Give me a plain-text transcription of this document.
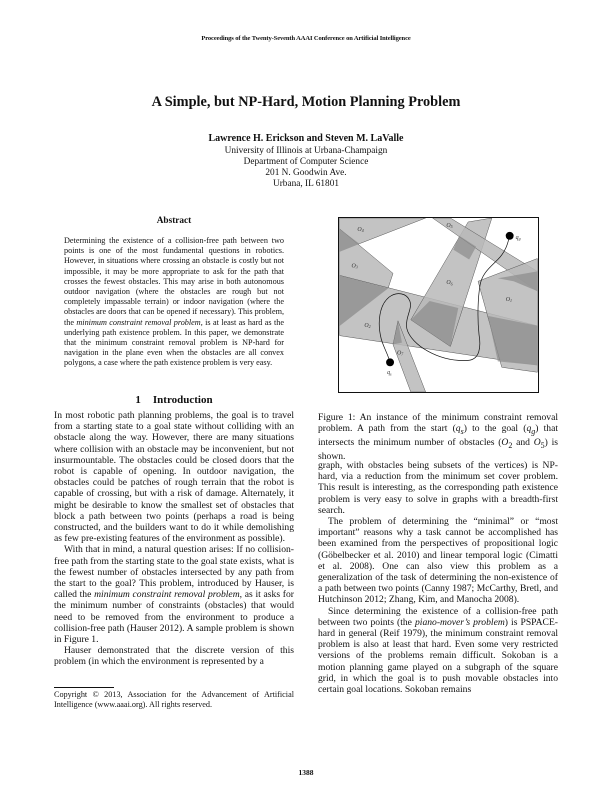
Proceedings of the Twenty-Seventh AAAI Conference on Artificial Intelligence
A Simple, but NP-Hard, Motion Planning Problem
Lawrence H. Erickson and Steven M. LaValle
University of Illinois at Urbana-Champaign
Department of Computer Science
201 N. Goodwin Ave.
Urbana, IL 61801
Abstract
Determining the existence of a collision-free path between two points is one of the most fundamental questions in robotics. However, in situations where crossing an obstacle is costly but not impossible, it may be more appropriate to ask for the path that crosses the fewest obstacles. This may arise in both autonomous outdoor navigation (where the obstacles are rough but not completely impassable terrain) or indoor navigation (where the obstacles are doors that can be opened if necessary). This problem, the minimum constraint removal problem, is at least as hard as the underlying path existence problem. In this paper, we demonstrate that the minimum constraint removal problem is NP-hard for navigation in the plane even when the obstacles are all convex polygons, a case where the path existence problem is very easy.
1 Introduction

In most robotic path planning problems, the goal is to travel from a starting state to a goal state without colliding with an obstacle along the way. However, there are many situations where collision with an obstacle may be inconvenient, but not insurmountable. The obstacles could be closed doors that the robot is capable of opening. In outdoor navigation, the obstacles could be patches of rough terrain that the robot is capable of crossing, but with a risk of damage. Alternately, it might be desirable to know the smallest set of obstacles that block a path between two points (perhaps a road is being constructed, and the builders want to do it while demolishing as few pre-existing features of the environment as possible).

With that in mind, a natural question arises: If no collision-free path from the starting state to the goal state exists, what is the fewest number of obstacles intersected by any path from the start to the goal? This problem, introduced by Hauser, is called the minimum constraint removal problem, as it asks for the minimum number of constraints (obstacles) that would need to be removed from the environment to produce a collision-free path (Hauser 2012). A sample problem is shown in Figure 1.

Hauser demonstrated that the discrete version of this problem (in which the environment is represented by a

Copyright © 2013, Association for the Advancement of Artificial Intelligence (www.aaai.org). All rights reserved.
O4
O5
O3
O6
O1
O2
O7
qs
qg
Figure 1: An instance of the minimum constraint removal problem. A path from the start $(q_s)$ to the goal $(q_g)$ that intersects the minimum number of obstacles ($O_2$ and $O_5$) is shown.

graph, with obstacles being subsets of the vertices) is NP-hard, via a reduction from the minimum set cover problem. This result is interesting, as the corresponding path existence problem is very easy to solve in graphs with a breadth-first search.

The problem of determining the “minimal” or “most important” reasons why a task cannot be accomplished has been examined from the perspectives of propositional logic (Göbelbecker et al. 2010) and linear temporal logic (Cimatti et al. 2008). One can also view this problem as a generalization of the task of determining the non-existence of a path between two points (Canny 1987; McCarthy, Bretl, and Hutchinson 2012; Zhang, Kim, and Manocha 2008).

Since determining the existence of a collision-free path between two points (the piano-mover’s problem) is PSPACE-hard in general (Reif 1979), the minimum constraint removal problem is also at least that hard. Even some very restricted versions of the problems remain difficult. Sokoban is a motion planning game played on a subgraph of the square grid, in which the goal is to push movable obstacles into certain goal locations. Sokoban remains

1388
